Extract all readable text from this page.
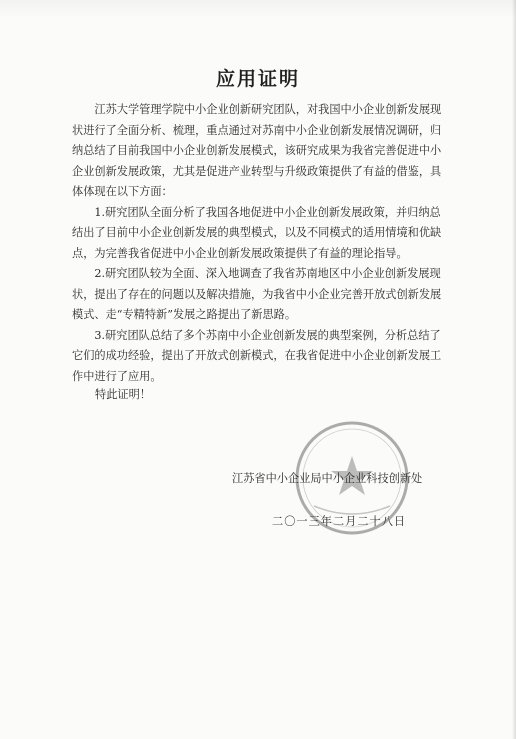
应用证明

江苏大学管理学院中小企业创新研究团队，对我国中小企业创新发展现状进行了全面分析、梳理，重点通过对苏南中小企业创新发展情况调研，归纳总结了目前我国中小企业创新发展模式，该研究成果为我省完善促进中小企业创新发展政策，尤其是促进产业转型与升级政策提供了有益的借鉴，具体体现在以下方面：

1.研究团队全面分析了我国各地促进中小企业创新发展政策，并归纳总结出了目前中小企业创新发展的典型模式，以及不同模式的适用情境和优缺点，为完善我省促进中小企业创新发展政策提供了有益的理论指导。

2.研究团队较为全面、深入地调查了我省苏南地区中小企业创新发展现状，提出了存在的问题以及解决措施，为我省中小企业完善开放式创新发展模式、走“专精特新”发展之路提出了新思路。

3.研究团队总结了多个苏南中小企业创新发展的典型案例，分析总结了它们的成功经验，提出了开放式创新模式，在我省促进中小企业创新发展工作中进行了应用。

特此证明！
江苏省中小企业局中小企业科技创新处
二〇一三年二月二十八日
